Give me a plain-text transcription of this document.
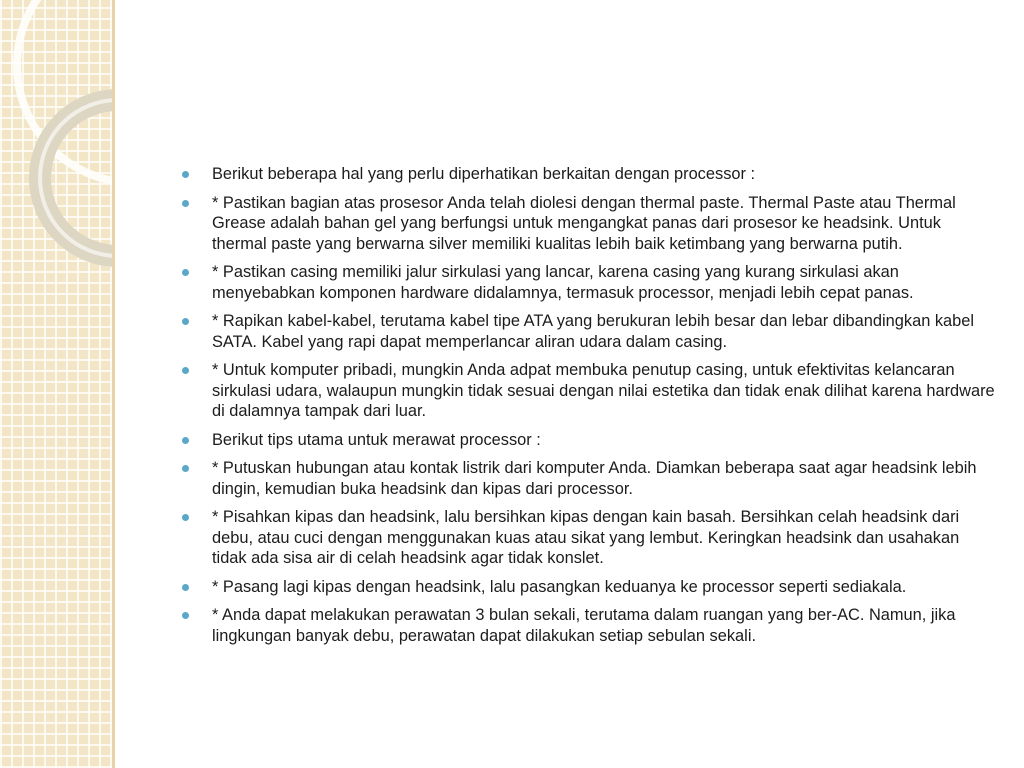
Berikut beberapa hal yang perlu diperhatikan berkaitan dengan processor :
* Pastikan bagian atas prosesor Anda telah diolesi dengan thermal paste. Thermal Paste atau Thermal Grease adalah bahan gel yang berfungsi untuk mengangkat panas dari prosesor ke headsink. Untuk thermal paste yang berwarna silver memiliki kualitas lebih baik ketimbang yang berwarna putih.
* Pastikan casing memiliki jalur sirkulasi yang lancar, karena casing yang kurang sirkulasi akan menyebabkan komponen hardware didalamnya, termasuk processor, menjadi lebih cepat panas.
* Rapikan kabel-kabel, terutama kabel tipe ATA yang berukuran lebih besar dan lebar dibandingkan kabel SATA. Kabel yang rapi dapat memperlancar aliran udara dalam casing.
* Untuk komputer pribadi, mungkin Anda adpat membuka penutup casing, untuk efektivitas kelancaran sirkulasi udara, walaupun mungkin tidak sesuai dengan nilai estetika dan tidak enak dilihat karena hardware di dalamnya tampak dari luar.
Berikut tips utama untuk merawat processor :
* Putuskan hubungan atau kontak listrik dari komputer Anda. Diamkan beberapa saat agar headsink lebih dingin, kemudian buka headsink dan kipas dari processor.
* Pisahkan kipas dan headsink, lalu bersihkan kipas dengan kain basah. Bersihkan celah headsink dari debu, atau cuci dengan menggunakan kuas atau sikat yang lembut. Keringkan headsink dan usahakan tidak ada sisa air di celah headsink agar tidak konslet.
* Pasang lagi kipas dengan headsink, lalu pasangkan keduanya ke processor seperti sediakala.
* Anda dapat melakukan perawatan 3 bulan sekali, terutama dalam ruangan yang ber-AC. Namun, jika lingkungan banyak debu, perawatan dapat dilakukan setiap sebulan sekali.
